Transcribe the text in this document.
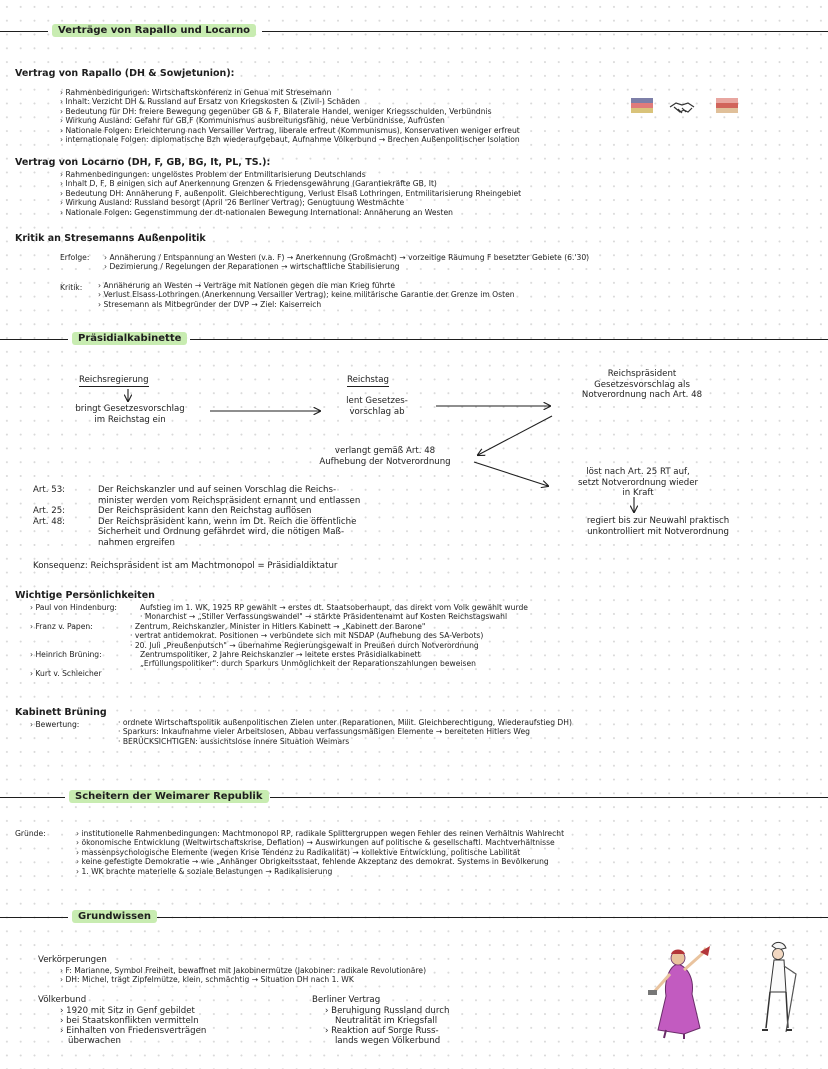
Verträge von Rapallo und Locarno
Vertrag von Rapallo (DH & Sowjetunion):
› Rahmenbedingungen: Wirtschaftskonferenz in Genua mit Stresemann
› Inhalt: Verzicht DH & Russland auf Ersatz von Kriegskosten & (Zivil-) Schäden
› Bedeutung für DH: freiere Bewegung gegenüber GB & F, Bilaterale Handel, weniger Kriegsschulden, Verbündnis
› Wirkung Ausland: Gefahr für GB,F (Kommunismus ausbreitungsfähig, neue Verbündnisse, Aufrüsten
› Nationale Folgen: Erleichterung nach Versailler Vertrag, liberale erfreut (Kommunismus), Konservativen weniger erfreut
› internationale Folgen: diplomatische Bzh wiederaufgebaut, Aufnahme Völkerbund → Brechen Außenpolitischer Isolation
Vertrag von Locarno (DH, F, GB, BG, It, PL, TS.):
› Rahmenbedingungen: ungelöstes Problem der Entmilitarisierung Deutschlands
› Inhalt D, F, B einigen sich auf Anerkennung Grenzen & Friedensgewährung (Garantiekräfte GB, It)
› Bedeutung DH: Annäherung F, außenpolit. Gleichberechtigung, Verlust Elsaß Lothringen, Entmilitarisierung Rheingebiet
› Wirkung Ausland: Russland besorgt (April '26 Berliner Vertrag); Genugtuung Westmächte
› Nationale Folgen: Gegenstimmung der dt-nationalen Bewegung International: Annäherung an Westen
Kritik an Stresemanns Außenpolitik
Erfolge: › Annäherung / Entspannung an Westen (v.a. F) → Anerkennung (Großmacht) → vorzeitige Räumung F besetzter Gebiete (6.'30)
› Dezimierung / Regelungen der Reparationen → wirtschaftliche Stabilisierung
Kritik: › Annäherung an Westen → Verträge mit Nationen gegen die man Krieg führte
› Verlust Elsass-Lothringen (Anerkennung Versailler Vertrag); keine militärische Garantie der Grenze im Osten
› Stresemann als Mitbegründer der DVP → Ziel: Kaiserreich
Präsidialkabinette
Reichsregierung
bringt Gesetzesvorschlag
im Reichstag ein
Reichstag
lent Gesetzes-
vorschlag ab
Reichspräsident
Gesetzesvorschlag als
Notverordnung nach Art. 48
verlangt gemäß Art. 48
Aufhebung der Notverordnung
löst nach Art. 25 RT auf,
setzt Notverordnung wieder
in Kraft
regiert bis zur Neuwahl praktisch
unkontrolliert mit Notverordnung
Art. 53:	Der Reichskanzler und auf seinen Vorschlag die Reichs-
minister werden vom Reichspräsident ernannt und entlassen
Art. 25:	Der Reichspräsident kann den Reichstag auflösen
Art. 48:	Der Reichspräsident kann, wenn im Dt. Reich die öffentliche
Sicherheit und Ordnung gefährdet wird, die nötigen Maß-
nahmen ergreifen
Konsequenz: Reichspräsident ist am Machtmonopol = Präsidialdiktatur
Wichtige Persönlichkeiten
› Paul von Hindenburg:	Aufstieg im 1. WK, 1925 RP gewählt → erstes dt. Staatsoberhaupt, das direkt vom Volk gewählt wurde
· Monarchist → „Stiller Verfassungswandel" → stärkte Präsidentenamt auf Kosten Reichstagswahl
› Franz v. Papen:	· Zentrum, Reichskanzler, Minister in Hitlers Kabinett → „Kabinett der Barone"
· vertrat antidemokrat. Positionen → verbündete sich mit NSDAP (Aufhebung des SA-Verbots)
· 20. Juli „Preußenputsch" → übernahme Regierungsgewalt in Preußen durch Notverordnung
› Heinrich Brüning:	Zentrumspolitiker, 2 Jahre Reichskanzler → leitete erstes Präsidialkabinett
„Erfüllungspolitiker": durch Sparkurs Unmöglichkeit der Reparationszahlungen beweisen
› Kurt v. Schleicher
Kabinett Brüning
› Bewertung:	· ordnete Wirtschaftspolitik außenpolitischen Zielen unter (Reparationen, Milit. Gleichberechtigung, Wiederaufstieg DH)
· Sparkurs: Inkaufnahme vieler Arbeitslosen, Abbau verfassungsmäßigen Elemente → bereiteten Hitlers Weg
· BERÜCKSICHTIGEN: aussichtslose innere Situation Weimars
Scheitern der Weimarer Republik
Gründe:	› institutionelle Rahmenbedingungen: Machtmonopol RP, radikale Splittergruppen wegen Fehler des reinen Verhältnis Wahlrecht
› ökonomische Entwicklung (Weltwirtschaftskrise, Deflation) → Auswirkungen auf politische & gesellschaftl. Machtverhältnisse
› massenpsychologische Elemente (wegen Krise Tendenz zu Radikalität) → kollektive Entwicklung, politische Labilität
› keine gefestigte Demokratie → wie „Anhänger Obrigkeitsstaat, fehlende Akzeptanz des demokrat. Systems in Bevölkerung
› 1. WK brachte materielle & soziale Belastungen → Radikalisierung
Grundwissen
Verkörperungen
› F: Marianne, Symbol Freiheit, bewaffnet mit Jakobinermütze (Jakobiner: radikale Revolutionäre)
› DH: Michel, trägt Zipfelmütze, klein, schmächtig → Situation DH nach 1. WK
Völkerbund
› 1920 mit Sitz in Genf gebildet
› bei Staatskonflikten vermitteln
› Einhalten von Friedensverträgen
überwachen
Berliner Vertrag
› Beruhigung Russland durch
Neutralität im Kriegsfall
› Reaktion auf Sorge Russ-
lands wegen Völkerbund
